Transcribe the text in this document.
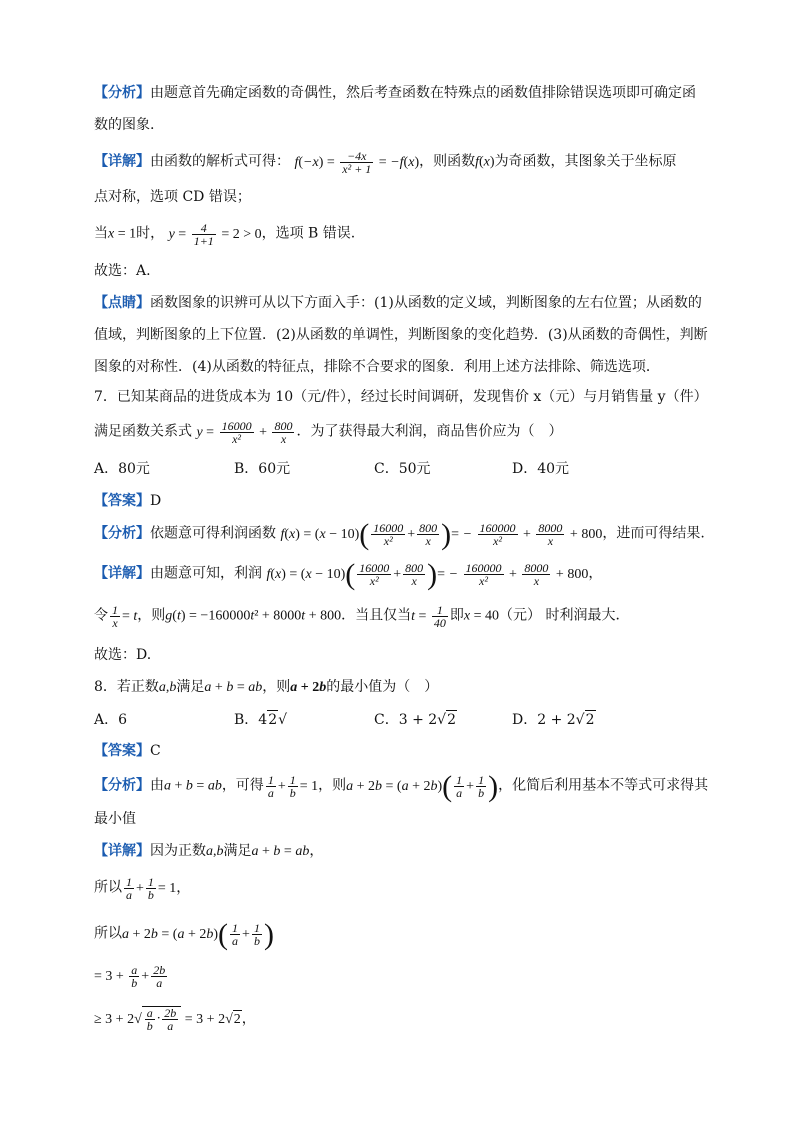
【分析】由题意首先确定函数的奇偶性，然后考查函数在特殊点的函数值排除错误选项即可确定函
数的图象.
【详解】由函数的解析式可得： $f(-x) = \frac{-4x}{\text{x² + 1}} = -f(x)$，则函数f(x)为奇函数，其图象关于坐标原
点对称，选项 CD 错误；
当x = 1时， $y = \frac{4}{1+1} = 2 > 0$，选项 B 错误.
故选：A.
【点睛】函数图象的识辨可从以下方面入手：(1)从函数的定义域，判断图象的左右位置；从函数的
值域，判断图象的上下位置．(2)从函数的单调性，判断图象的变化趋势．(3)从函数的奇偶性，判断
图象的对称性．(4)从函数的特征点，排除不合要求的图象．利用上述方法排除、筛选选项．
7．已知某商品的进货成本为 10（元/件），经过长时间调研，发现售价 x（元）与月销售量 y（件）
满足函数关系式 $y = \frac{16000}{\text{x²}} + \frac{800}{x}$ ．为了获得最大利润，商品售价应为（　）
A．80元	B．60元	C．50元	D．40元
【答案】D
【分析】依题意可得利润函数 $f(x) = (x - 10)( \frac{16000}{\text{x²}} + \frac{800}{x}$ )= − $\frac{160000}{\text{x²}} + \frac{8000}{x} + 800$，进而可得结果.
【详解】由题意可知，利润 $f(x) = (x - 10)( \frac{16000}{\text{x²}} + \frac{800}{x}$ )= − $\frac{160000}{\text{x²}} + \frac{8000}{x} + 800$，
令 $\frac{1}{x} = t$，则g(t) = −160000t² + 8000t + 800．当且仅当$t = \frac{1}{40}$ 即x = 40（元） 时利润最大．
故选：D.
8．若正数a,b满足a + b = ab，则a + 2b的最小值为（　）
A．6	B．42√	C．3 + 2√2	D．2 + 2√2
【答案】C
【分析】由a + b = ab，可得 $\frac{1}{a} + \frac{1}{b} = 1$，则$a + 2b = (a + 2b)( \frac{1}{a} + \frac{1}{b}$ )，化简后利用基本不等式可求得其
最小值
【详解】因为正数a,b满足a + b = ab，
所以 $\frac{1}{a} + \frac{1}{b} = 1$，
所以$a + 2b = (a + 2b)( \frac{1}{a} + \frac{1}{b}$ )
= $3 + \frac{a}{b} + \frac{2b}{a}$
≥ $3 + 2√ \frac{a}{b} \cdot \frac{2b}{a} = 3 + 2√2$，
